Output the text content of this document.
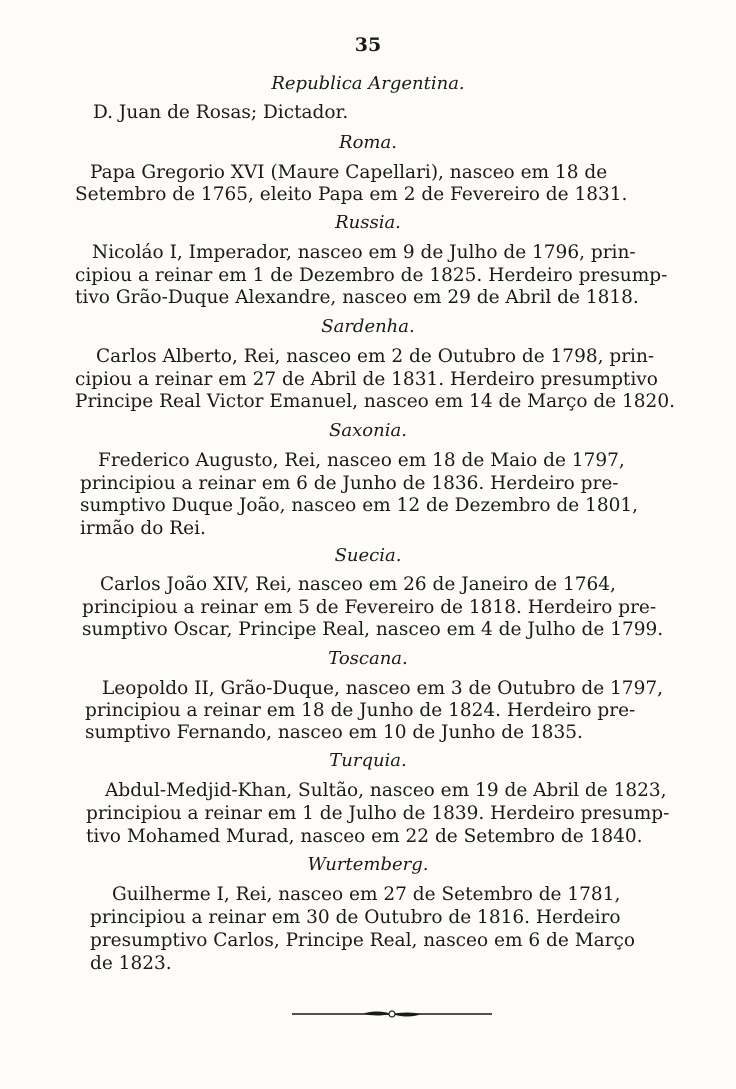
35
Republica Argentina.
D. Juan de Rosas; Dictador.
Roma.
Papa Gregorio XVI (Maure Capellari), nasceo em 18 de
Setembro de 1765, eleito Papa em 2 de Fevereiro de 1831.
Russia.
Nicoláo I, Imperador, nasceo em 9 de Julho de 1796, prin-
cipiou a reinar em 1 de Dezembro de 1825. Herdeiro presump-
tivo Grão-Duque Alexandre, nasceo em 29 de Abril de 1818.
Sardenha.
Carlos Alberto, Rei, nasceo em 2 de Outubro de 1798, prin-
cipiou a reinar em 27 de Abril de 1831. Herdeiro presumptivo
Principe Real Victor Emanuel, nasceo em 14 de Março de 1820.
Saxonia.
Frederico Augusto, Rei, nasceo em 18 de Maio de 1797,
principiou a reinar em 6 de Junho de 1836. Herdeiro pre-
sumptivo Duque João, nasceo em 12 de Dezembro de 1801,
irmão do Rei.
Suecia.
Carlos João XIV, Rei, nasceo em 26 de Janeiro de 1764,
principiou a reinar em 5 de Fevereiro de 1818. Herdeiro pre-
sumptivo Oscar, Principe Real, nasceo em 4 de Julho de 1799.
Toscana.
Leopoldo II, Grão-Duque, nasceo em 3 de Outubro de 1797,
principiou a reinar em 18 de Junho de 1824. Herdeiro pre-
sumptivo Fernando, nasceo em 10 de Junho de 1835.
Turquia.
Abdul-Medjid-Khan, Sultão, nasceo em 19 de Abril de 1823,
principiou a reinar em 1 de Julho de 1839. Herdeiro presump-
tivo Mohamed Murad, nasceo em 22 de Setembro de 1840.
Wurtemberg.
Guilherme I, Rei, nasceo em 27 de Setembro de 1781,
principiou a reinar em 30 de Outubro de 1816. Herdeiro
presumptivo Carlos, Principe Real, nasceo em 6 de Março
de 1823.
